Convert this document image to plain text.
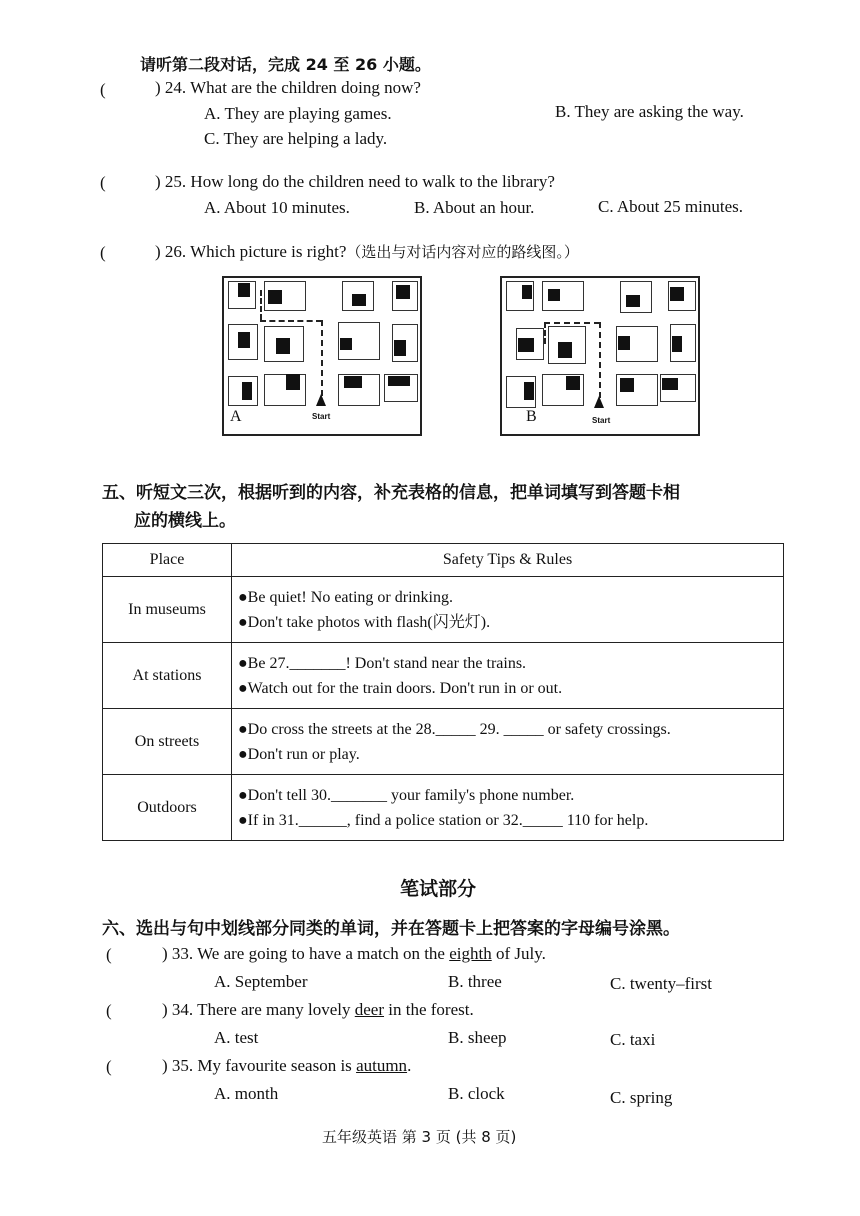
请听第二段对话，完成 24 至 26 小题。
(	) 24. What are the children doing now?
A. They are playing games.	B. They are asking the way.
C. They are helping a lady.
(	) 25. How long do the children need to walk to the library?
A. About 10 minutes.	B. About an hour.	C. About 25 minutes.
(	) 26. Which picture is right?（选出与对话内容对应的路线图。）
Start
A	Start
B
五、听短文三次，根据听到的内容，补充表格的信息，把单词填写到答题卡相
应的横线上。
Place	Safety Tips & Rules
In museums	●Be quiet! No eating or drinking.
●Don't take photos with flash(闪光灯).

At stations	●Be 27._______! Don't stand near the trains.
●Watch out for the train doors. Don't run in or out.

On streets	●Do cross the streets at the 28._____ 29. _____ or safety crossings.
●Don't run or play.

Outdoors	●Don't tell 30._______ your family's phone number.
●If in 31.______, find a police station or 32._____ 110 for help.
笔试部分
六、选出与句中划线部分同类的单词，并在答题卡上把答案的字母编号涂黑。
(	) 33. We are going to have a match on the eighth of July.
A. September	B. three	C. twenty–first
(	) 34. There are many lovely deer in the forest.
A. test	B. sheep	C. taxi
(	) 35. My favourite season is autumn.
A. month	B. clock	C. spring
五年级英语 第 3 页 (共 8 页)
